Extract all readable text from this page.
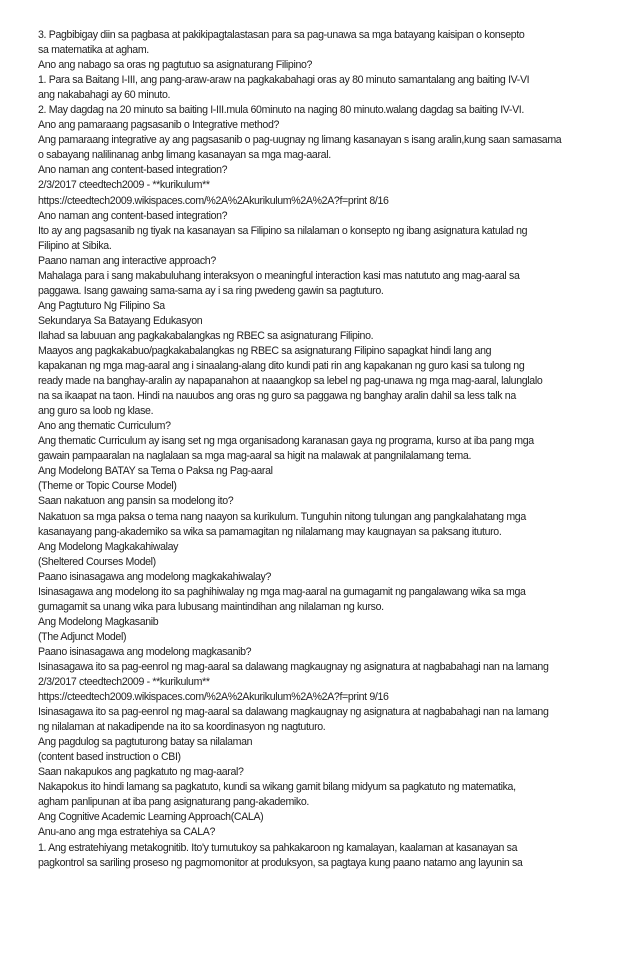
3. Pagbibigay diin sa pagbasa at pakikipagtalastasan para sa pag-unawa sa mga batayang kaisipan o konsepto
sa matematika at agham.
Ano ang nabago sa oras ng pagtutuo sa asignaturang Filipino?
1. Para sa Baitang I-III, ang pang-araw-araw na pagkakabahagi oras ay 80 minuto samantalang ang baiting IV-VI
ang nakabahagi ay 60 minuto.
2. May dagdag na 20 minuto sa baiting I-III.mula 60minuto na naging 80 minuto.walang dagdag sa baiting IV-VI.
Ano ang pamaraang pagsasanib o Integrative method?
Ang pamaraang integrative ay ang pagsasanib o pag-uugnay ng limang kasanayan s isang aralin,kung saan samasama
o sabayang nalilinanag anbg limang kasanayan sa mga mag-aaral.
Ano naman ang content-based integration?
2/3/2017 cteedtech2009 - **kurikulum**
https://cteedtech2009.wikispaces.com/%2A%2Akurikulum%2A%2A?f=print 8/16
Ano naman ang content-based integration?
Ito ay ang pagsasanib ng tiyak na kasanayan sa Filipino sa nilalaman o konsepto ng ibang asignatura katulad ng
Filipino at Sibika.
Paano naman ang interactive approach?
Mahalaga para i sang makabuluhang interaksyon o meaningful interaction kasi mas natututo ang mag-aaral sa
paggawa. Isang gawaing sama-sama ay i sa ring pwedeng gawin sa pagtuturo.
Ang Pagtuturo Ng Filipino Sa
Sekundarya Sa Batayang Edukasyon
Ilahad sa labuuan ang pagkakabalangkas ng RBEC sa asignaturang Filipino.
Maayos ang pagkakabuo/pagkakabalangkas ng RBEC sa asignaturang Filipino sapagkat hindi lang ang
kapakanan ng mga mag-aaral ang i sinaalang-alang dito kundi pati rin ang kapakanan ng guro kasi sa tulong ng
ready made na banghay-aralin ay napapanahon at naaangkop sa lebel ng pag-unawa ng mga mag-aaral, lalunglalo
na sa ikaapat na taon. Hindi na nauubos ang oras ng guro sa paggawa ng banghay aralin dahil sa less talk na
ang guro sa loob ng klase.
Ano ang thematic Curriculum?
Ang thematic Curriculum ay isang set ng mga organisadong karanasan gaya ng programa, kurso at iba pang mga
gawain pampaaralan na naglalaan sa mga mag-aaral sa higit na malawak at pangnilalamang tema.
Ang Modelong BATAY sa Tema o Paksa ng Pag-aaral
(Theme or Topic Course Model)
Saan nakatuon ang pansin sa modelong ito?
Nakatuon sa mga paksa o tema nang naayon sa kurikulum. Tunguhin nitong tulungan ang pangkalahatang mga
kasanayang pang-akademiko sa wika sa pamamagitan ng nilalamang may kaugnayan sa paksang ituturo.
Ang Modelong Magkakahiwalay
(Sheltered Courses Model)
Paano isinasagawa ang modelong magkakahiwalay?
Isinasagawa ang modelong ito sa paghihiwalay ng mga mag-aaral na gumagamit ng pangalawang wika sa mga
gumagamit sa unang wika para lubusang maintindihan ang nilalaman ng kurso.
Ang Modelong Magkasanib
(The Adjunct Model)
Paano isinasagawa ang modelong magkasanib?
Isinasagawa ito sa pag-eenrol ng mag-aaral sa dalawang magkaugnay ng asignatura at nagbabahagi nan na lamang
2/3/2017 cteedtech2009 - **kurikulum**
https://cteedtech2009.wikispaces.com/%2A%2Akurikulum%2A%2A?f=print 9/16
Isinasagawa ito sa pag-eenrol ng mag-aaral sa dalawang magkaugnay ng asignatura at nagbabahagi nan na lamang
ng nilalaman at nakadipende na ito sa koordinasyon ng nagtuturo.
Ang pagdulog sa pagtuturong batay sa nilalaman
(content based instruction o CBI)
Saan nakapukos ang pagkatuto ng mag-aaral?
Nakapokus ito hindi lamang sa pagkatuto, kundi sa wikang gamit bilang midyum sa pagkatuto ng matematika,
agham panlipunan at iba pang asignaturang pang-akademiko.
Ang Cognitive Academic Learning Approach(CALA)
Anu-ano ang mga estratehiya sa CALA?
1. Ang estratehiyang metakognitib. Ito'y tumutukoy sa pahkakaroon ng kamalayan, kaalaman at kasanayan sa
pagkontrol sa sariling proseso ng pagmomonitor at produksyon, sa pagtaya kung paano natamo ang layunin sa
